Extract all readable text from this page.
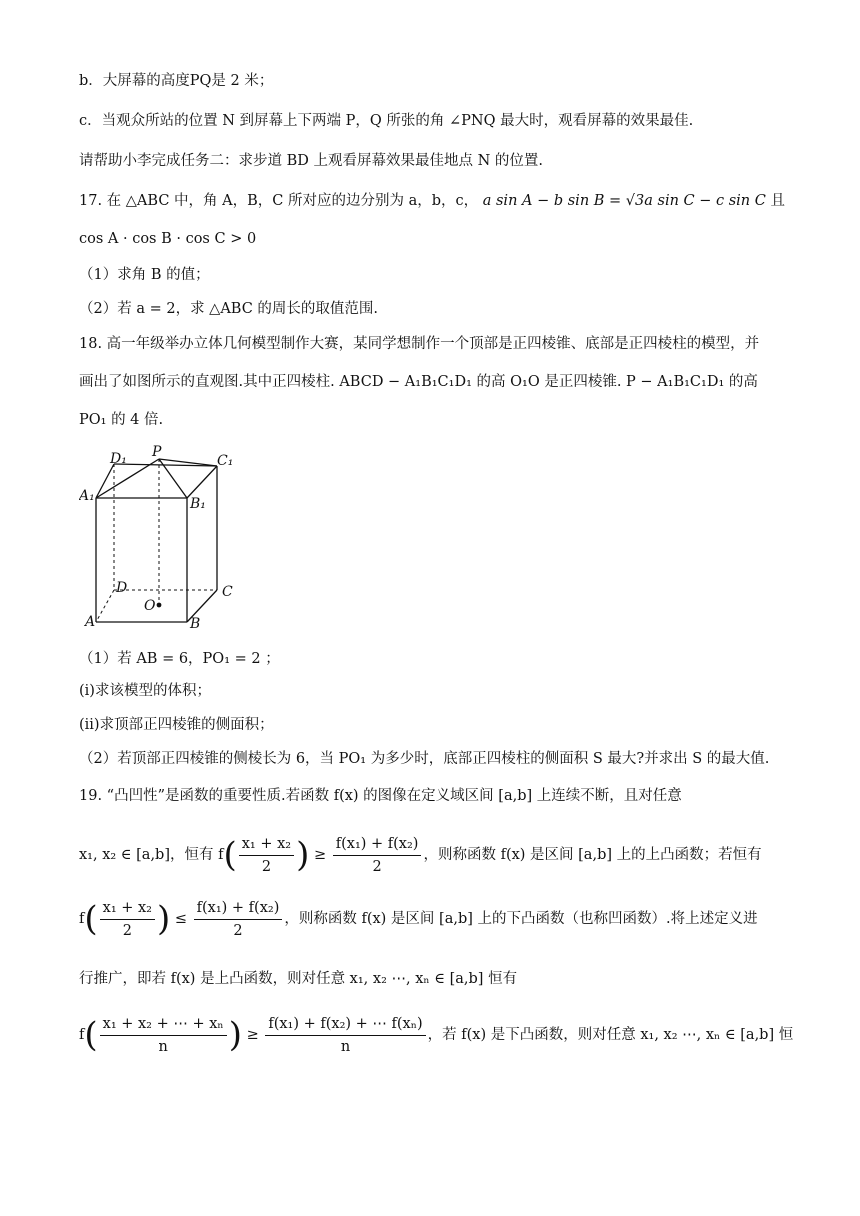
b．大屏幕的高度PQ是 2 米；
c．当观众所站的位置 N 到屏幕上下两端 P，Q 所张的角 ∠PNQ 最大时，观看屏幕的效果最佳.
请帮助小李完成任务二：求步道 BD 上观看屏幕效果最佳地点 N 的位置.
17. 在 △ABC 中，角 A，B，C 所对应的边分别为 a，b，c， a sin A − b sin B = √3a sin C − c sin C 且
cos A · cos B · cos C > 0
（1）求角 B 的值；
（2）若 a = 2，求 △ABC 的周长的取值范围.
18. 高一年级举办立体几何模型制作大赛，某同学想制作一个顶部是正四棱锥、底部是正四棱柱的模型，并
画出了如图所示的直观图.其中正四棱柱. ABCD − A₁B₁C₁D₁ 的高 O₁O 是正四棱锥. P − A₁B₁C₁D₁ 的高
PO₁ 的 4 倍.
D₁ P
C₁
A₁	B₁
D	C
O
A	B
（1）若 AB = 6，PO₁ = 2 ；
(i)求该模型的体积；
(ii)求顶部正四棱锥的侧面积；
（2）若顶部正四棱锥的侧棱长为 6，当 PO₁ 为多少时，底部正四棱柱的侧面积 S 最大?并求出 S 的最大值.
19. “凸凹性”是函数的重要性质.若函数 f(x) 的图像在定义域区间 [a,b] 上连续不断，且对任意
x₁, x₂ ∈ [a,b]，恒有 $f( \frac{\text{x₁ + x₂}}{2}$ ) ≥ $\frac{\text{f(x₁) + f(x₂)}}{2}$ ，则称函数 f(x) 是区间 [a,b] 上的上凸函数；若恒有
$f( \frac{\text{x₁ + x₂}}{2}$ ) ≤ $\frac{\text{f(x₁) + f(x₂)}}{2}$ ，则称函数 f(x) 是区间 [a,b] 上的下凸函数（也称凹函数）.将上述定义进
行推广，即若 f(x) 是上凸函数，则对任意 x₁, x₂ ⋯, xₙ ∈ [a,b] 恒有
$f( \frac{\text{x₁ + x₂ + ⋯ + xₙ}}{n}$ ) ≥ $\frac{\text{f(x₁) + f(x₂) + ⋯ f(xₙ)}}{n}$ ，若 f(x) 是下凸函数，则对任意 x₁, x₂ ⋯, xₙ ∈ [a,b] 恒
